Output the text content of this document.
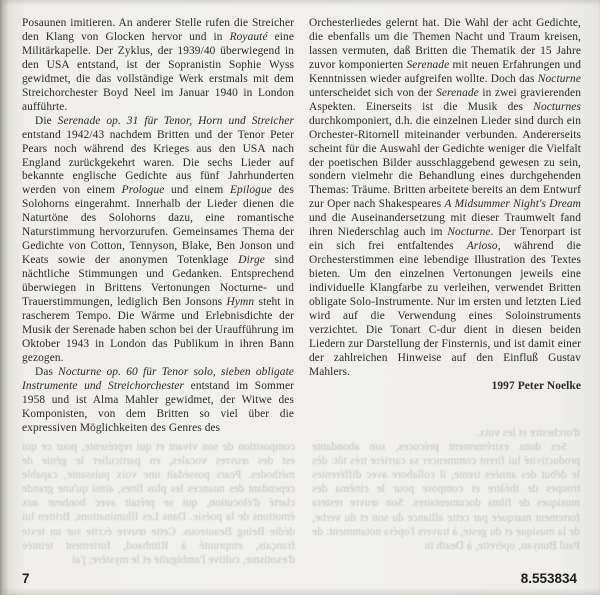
composition de son vivant et qui représente, pour ce qui est des œuvres vocales, en particulier le génie de méthodes. Pears possédait une voix puissante, capable cependant des nuances les plus fines, ainsi qu'une grande clarté d'élocution, qui se prêtait avec bonheur aux émotions de la poésie. Dans Les Illuminations, Britten lui dédie Being Beauteous. Cette œuvre écrite sur un texte français, emprunté à Rimbaud, fortement teintée d'exotisme, cultive l'ambiguïté et le mystère; j'ai

d'orchestre et les voix.

Ses dons extrêmement précoces, son abondante productivité lui firent commencer sa carrière très tôt: dès le début des années trente, il collabore avec différentes troupes de théâtre et compose pour le cinéma des musiques de films documentaires. Son œuvre restera fortement marquée par cette alliance du son et du verbe, de la musique et du geste, à travers l'opéra notamment: de Paul Bunyan, opérette, à Death in

Posaunen imitieren. An anderer Stelle rufen die Streicher den Klang von Glocken hervor und in Royauté eine Militärkapelle. Der Zyklus, der 1939/40 überwiegend in den USA entstand, ist der Sopranistin Sophie Wyss gewidmet, die das vollständige Werk erstmals mit dem Streichorchester Boyd Neel im Januar 1940 in London aufführte.

Die Serenade op. 31 für Tenor, Horn und Streicher entstand 1942/43 nachdem Britten und der Tenor Peter Pears noch während des Krieges aus den USA nach England zurückgekehrt waren. Die sechs Lieder auf bekannte englische Gedichte aus fünf Jahrhunderten werden von einem Prologue und einem Epilogue des Solohorns eingerahmt. Innerhalb der Lieder dienen die Naturtöne des Solohorns dazu, eine romantische Naturstimmung hervorzurufen. Gemeinsames Thema der Gedichte von Cotton, Tennyson, Blake, Ben Jonson und Keats sowie der anonymen Totenklage Dirge sind nächtliche Stimmungen und Gedanken. Entsprechend überwiegen in Brittens Vertonungen Nocturne- und Trauerstimmungen, lediglich Ben Jonsons Hymn steht in rascherem Tempo. Die Wärme und Erlebnisdichte der Musik der Serenade haben schon bei der Uraufführung im Oktober 1943 in London das Publikum in ihren Bann gezogen.

Das Nocturne op. 60 für Tenor solo, sieben obligate Instrumente und Streichorchester entstand im Sommer 1958 und ist Alma Mahler gewidmet, der Witwe des Komponisten, von dem Britten so viel über die expressiven Möglichkeiten des Genres des

Orchesterliedes gelernt hat. Die Wahl der acht Gedichte, die ebenfalls um die Themen Nacht und Traum kreisen, lassen vermuten, daß Britten die Thematik der 15 Jahre zuvor komponierten Serenade mit neuen Erfahrungen und Kenntnissen wieder aufgreifen wollte. Doch das Nocturne unterscheidet sich von der Serenade in zwei gravierenden Aspekten. Einerseits ist die Musik des Nocturnes durchkomponiert, d.h. die einzelnen Lieder sind durch ein Orchester-Ritornell miteinander verbunden. Andererseits scheint für die Auswahl der Gedichte weniger die Vielfalt der poetischen Bilder ausschlaggebend gewesen zu sein, sondern vielmehr die Behandlung eines durchgehenden Themas: Träume. Britten arbeitete bereits an dem Entwurf zur Oper nach Shakespeares A Midsummer Night's Dream und die Auseinandersetzung mit dieser Traumwelt fand ihren Niederschlag auch im Nocturne. Der Tenorpart ist ein sich frei entfaltendes Arioso, während die Orchesterstimmen eine lebendige Illustration des Textes bieten. Um den einzelnen Vertonungen jeweils eine individuelle Klangfarbe zu verleihen, verwendet Britten obligate Solo-Instrumente. Nur im ersten und letzten Lied wird auf die Verwendung eines Soloinstruments verzichtet. Die Tonart C-dur dient in diesen beiden Liedern zur Darstellung der Finsternis, und ist damit einer der zahlreichen Hinweise auf den Einfluß Gustav Mahlers.

1997 Peter Noelke

7	8.553834
